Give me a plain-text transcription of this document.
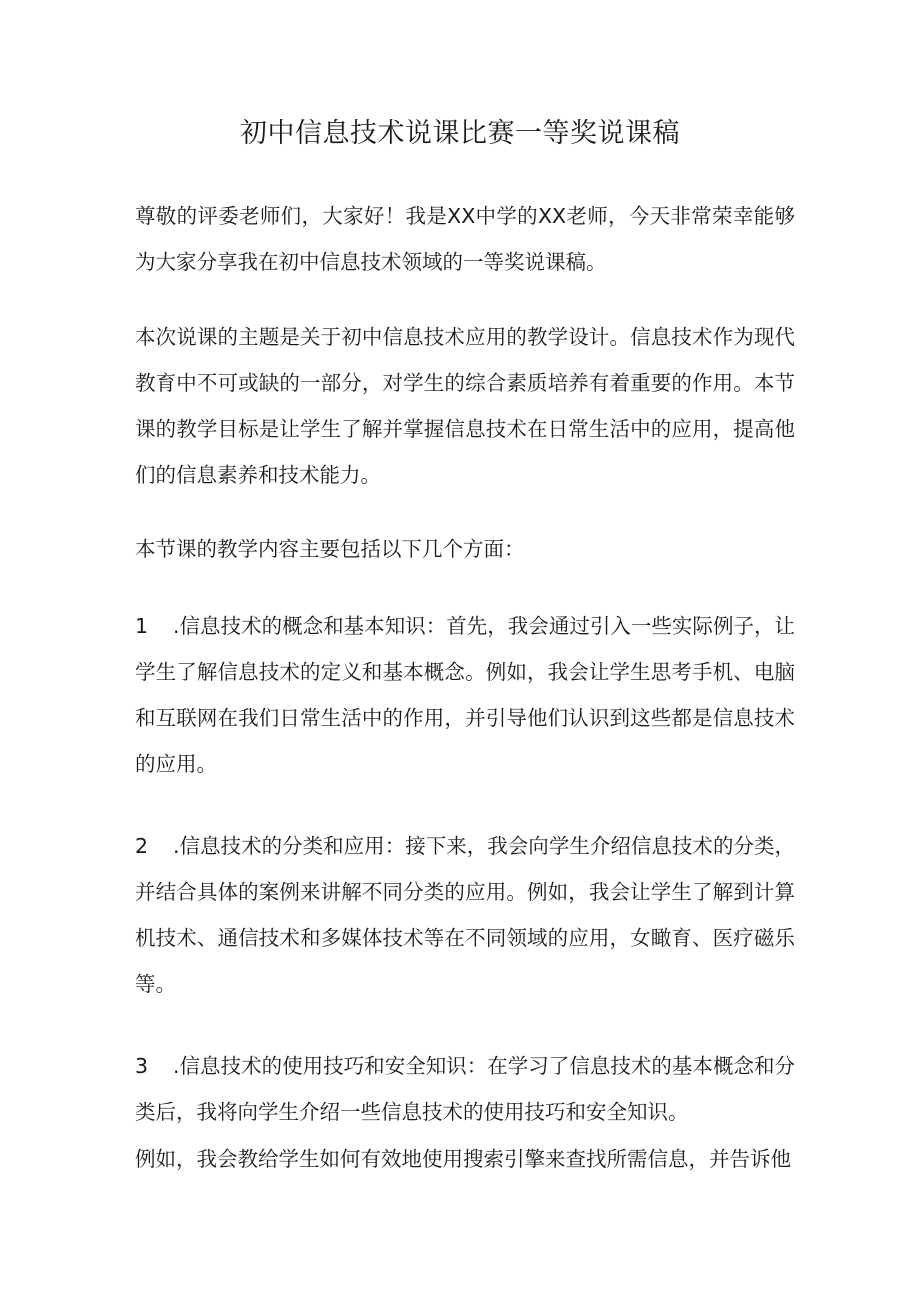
初中信息技术说课比赛一等奖说课稿

尊敬的评委老师们，大家好！我是XX中学的XX老师，今天非常荣幸能够为大家分享我在初中信息技术领域的一等奖说课稿。

本次说课的主题是关于初中信息技术应用的教学设计。信息技术作为现代教育中不可或缺的一部分，对学生的综合素质培养有着重要的作用。本节课的教学目标是让学生了解并掌握信息技术在日常生活中的应用，提高他们的信息素养和技术能力。

本节课的教学内容主要包括以下几个方面：

1 .信息技术的概念和基本知识：首先，我会通过引入一些实际例子，让学生了解信息技术的定义和基本概念。例如，我会让学生思考手机、电脑和互联网在我们日常生活中的作用，并引导他们认识到这些都是信息技术的应用。

2 .信息技术的分类和应用：接下来，我会向学生介绍信息技术的分类，并结合具体的案例来讲解不同分类的应用。例如，我会让学生了解到计算机技术、通信技术和多媒体技术等在不同领域的应用，女瞰育、医疗磁乐等。

3 .信息技术的使用技巧和安全知识：在学习了信息技术的基本概念和分类后，我将向学生介绍一些信息技术的使用技巧和安全知识。

例如，我会教给学生如何有效地使用搜索引擎来查找所需信息，并告诉他
